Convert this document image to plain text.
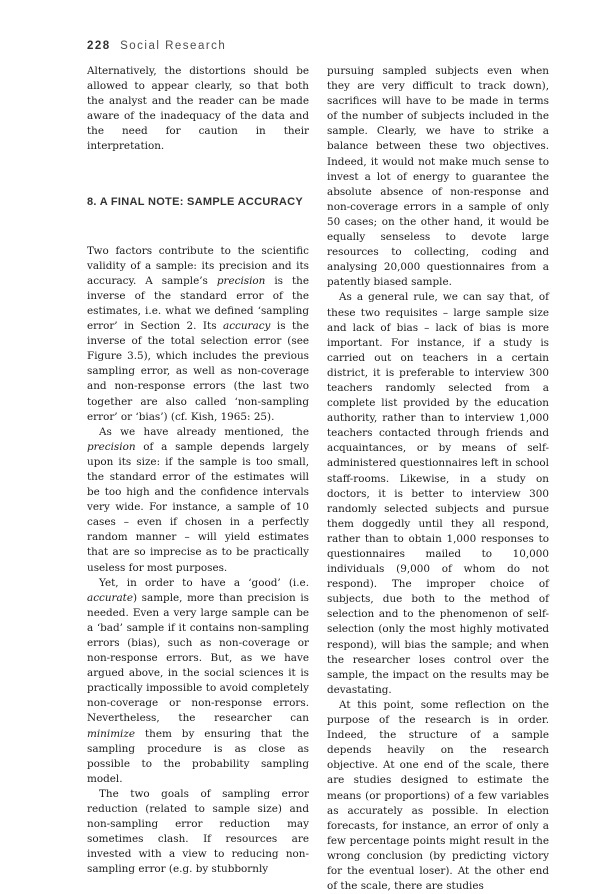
228 Social Research

Alternatively, the distortions should be allowed to appear clearly, so that both the analyst and the reader can be made aware of the inadequacy of the data and the need for caution in their interpretation.

8. A FINAL NOTE: SAMPLE ACCURACY

Two factors contribute to the scientific validity of a sample: its precision and its accuracy. A sample’s precision is the inverse of the standard error of the estimates, i.e. what we defined ‘sampling error’ in Section 2. Its accuracy is the inverse of the total selection error (see Figure 3.5), which includes the previous sampling error, as well as non-coverage and non-response errors (the last two together are also called ‘non-sampling error’ or ‘bias’) (cf. Kish, 1965: 25).

As we have already mentioned, the precision of a sample depends largely upon its size: if the sample is too small, the standard error of the estimates will be too high and the confidence intervals very wide. For instance, a sample of 10 cases – even if chosen in a perfectly random manner – will yield estimates that are so imprecise as to be practically useless for most purposes.

Yet, in order to have a ‘good’ (i.e. accurate) sample, more than precision is needed. Even a very large sample can be a ‘bad’ sample if it contains non-sampling errors (bias), such as non-coverage or non-response errors. But, as we have argued above, in the social sciences it is practically impossible to avoid completely non-coverage or non-response errors. Nevertheless, the researcher can minimize them by ensuring that the sampling procedure is as close as possible to the probability sampling model.

The two goals of sampling error reduction (related to sample size) and non-sampling error reduction may sometimes clash. If resources are invested with a view to reducing non-sampling error (e.g. by stubbornly

pursuing sampled subjects even when they are very difficult to track down), sacrifices will have to be made in terms of the number of subjects included in the sample. Clearly, we have to strike a balance between these two objectives. Indeed, it would not make much sense to invest a lot of energy to guarantee the absolute absence of non-response and non-coverage errors in a sample of only 50 cases; on the other hand, it would be equally senseless to devote large resources to collecting, coding and analysing 20,000 questionnaires from a patently biased sample.

As a general rule, we can say that, of these two requisites – large sample size and lack of bias – lack of bias is more important. For instance, if a study is carried out on teachers in a certain district, it is preferable to interview 300 teachers randomly selected from a complete list provided by the education authority, rather than to interview 1,000 teachers contacted through friends and acquaintances, or by means of self-administered questionnaires left in school staff-rooms. Likewise, in a study on doctors, it is better to interview 300 randomly selected subjects and pursue them doggedly until they all respond, rather than to obtain 1,000 responses to questionnaires mailed to 10,000 individuals (9,000 of whom do not respond). The improper choice of subjects, due both to the method of selection and to the phenomenon of self-selection (only the most highly motivated respond), will bias the sample; and when the researcher loses control over the sample, the impact on the results may be devastating.

At this point, some reflection on the purpose of the research is in order. Indeed, the structure of a sample depends heavily on the research objective. At one end of the scale, there are studies designed to estimate the means (or proportions) of a few variables as accurately as possible. In election forecasts, for instance, an error of only a few percentage points might result in the wrong conclusion (by predicting victory for the eventual loser). At the other end of the scale, there are studies
